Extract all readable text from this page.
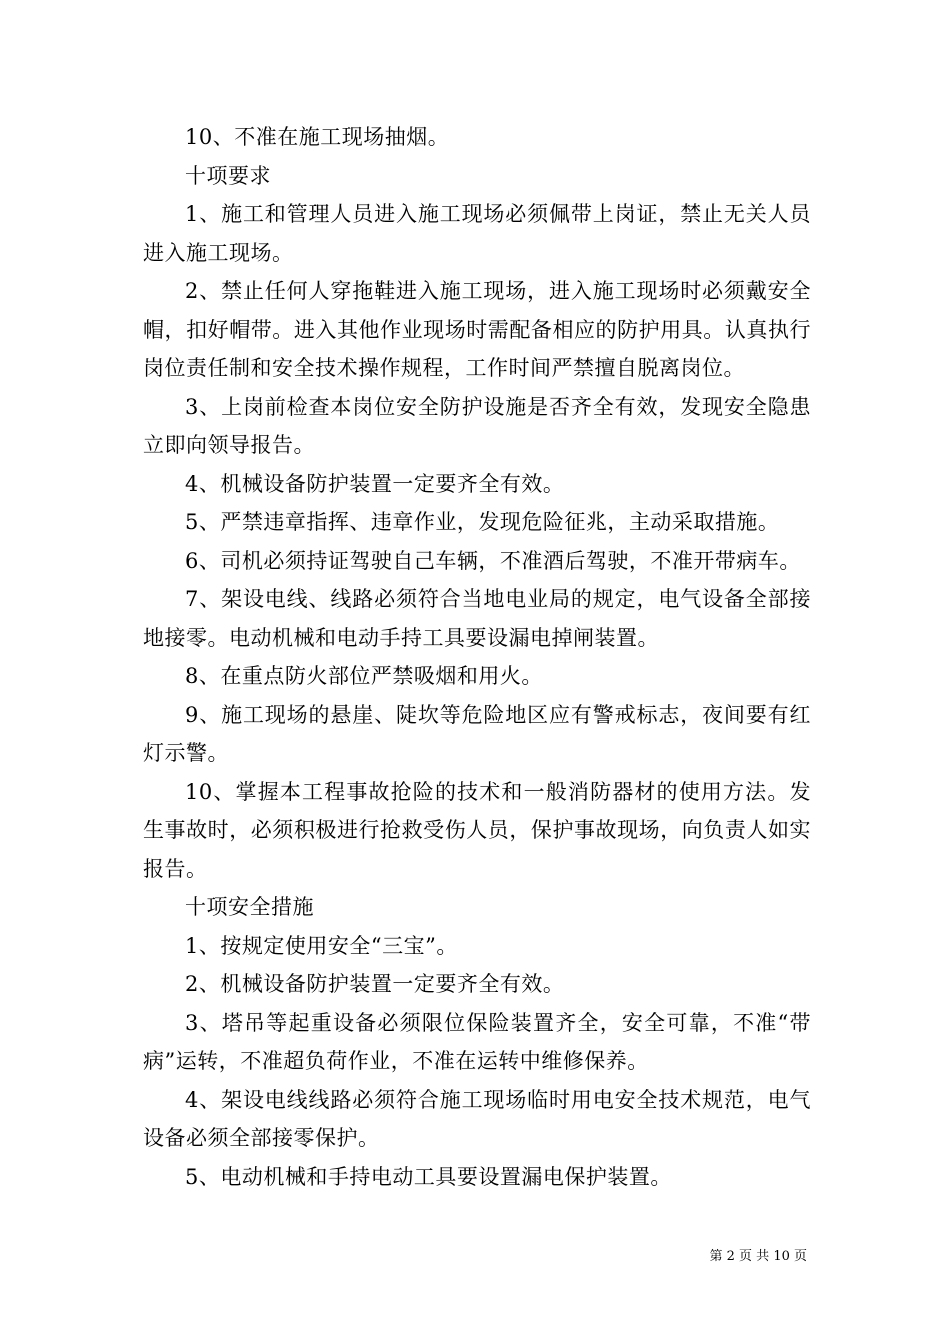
10、不准在施工现场抽烟。

十项要求

1、施工和管理人员进入施工现场必须佩带上岗证，禁止无关人员进入施工现场。

2、禁止任何人穿拖鞋进入施工现场，进入施工现场时必须戴安全帽，扣好帽带。进入其他作业现场时需配备相应的防护用具。认真执行岗位责任制和安全技术操作规程，工作时间严禁擅自脱离岗位。

3、上岗前检查本岗位安全防护设施是否齐全有效，发现安全隐患立即向领导报告。

4、机械设备防护装置一定要齐全有效。

5、严禁违章指挥、违章作业，发现危险征兆，主动采取措施。

6、司机必须持证驾驶自己车辆，不准酒后驾驶，不准开带病车。

7、架设电线、线路必须符合当地电业局的规定，电气设备全部接地接零。电动机械和电动手持工具要设漏电掉闸装置。

8、在重点防火部位严禁吸烟和用火。

9、施工现场的悬崖、陡坎等危险地区应有警戒标志，夜间要有红灯示警。

10、掌握本工程事故抢险的技术和一般消防器材的使用方法。发生事故时，必须积极进行抢救受伤人员，保护事故现场，向负责人如实报告。

十项安全措施

1、按规定使用安全“三宝”。

2、机械设备防护装置一定要齐全有效。

3、塔吊等起重设备必须限位保险装置齐全，安全可靠，不准“带病”运转，不准超负荷作业，不准在运转中维修保养。

4、架设电线线路必须符合施工现场临时用电安全技术规范，电气设备必须全部接零保护。

5、电动机械和手持电动工具要设置漏电保护装置。

第 2 页 共 10 页
